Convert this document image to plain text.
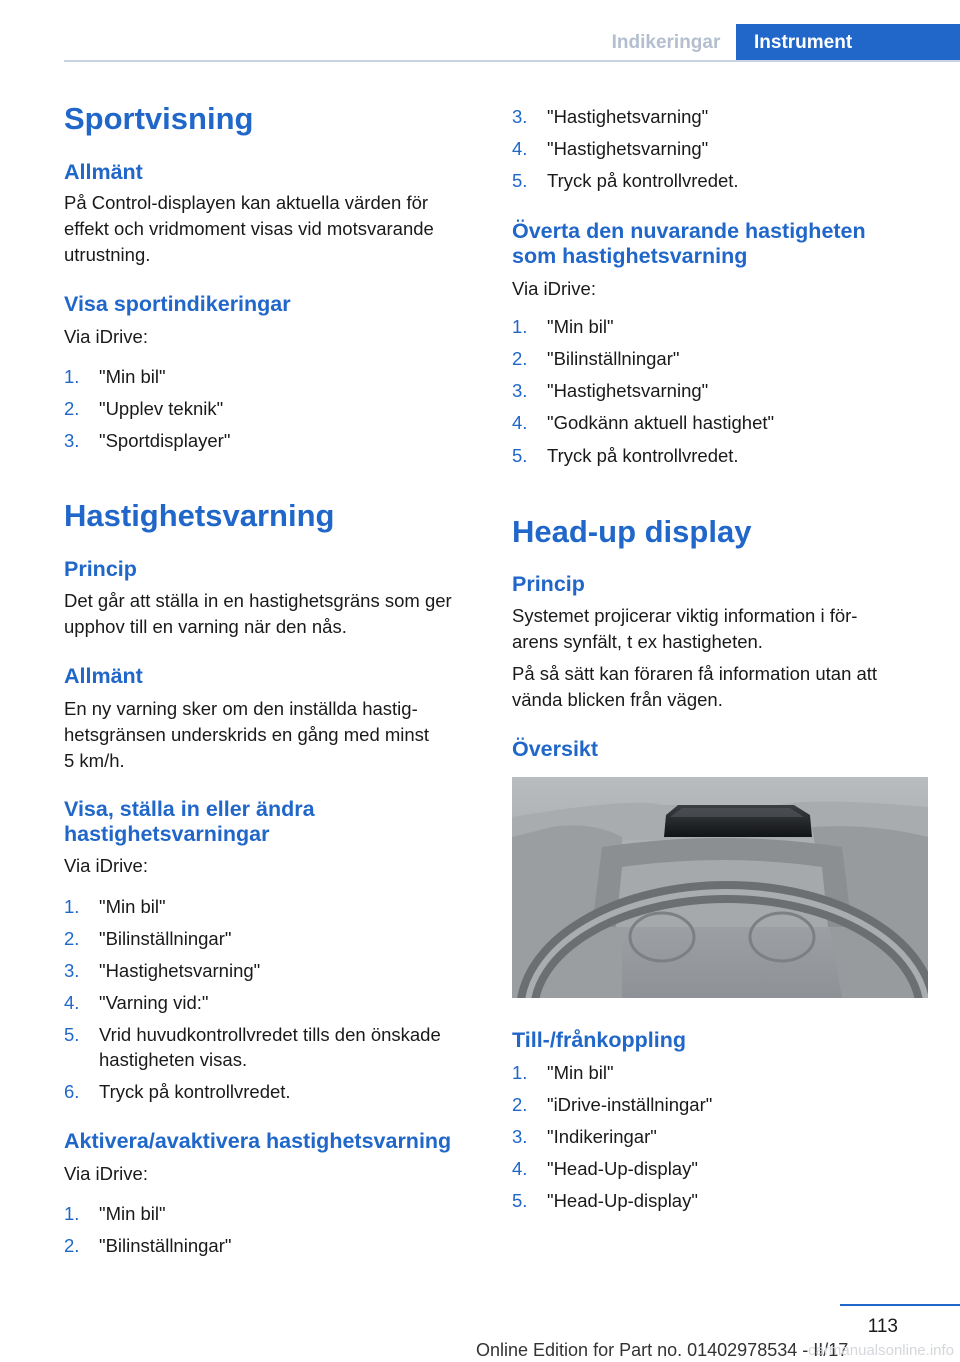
Indikeringar	Instrument
Sportvisning
Allmänt
På Control-displayen kan aktuella värden för
effekt och vridmoment visas vid motsvarande
utrustning.
Visa sportindikeringar
Via iDrive:
1. "Min bil"
2. "Upplev teknik"
3. "Sportdisplayer"
Hastighetsvarning
Princip
Det går att ställa in en hastighetsgräns som ger
upphov till en varning när den nås.
Allmänt
En ny varning sker om den inställda hastig‐
hetsgränsen underskrids en gång med minst
5 km/h.
Visa, ställa in eller ändra
hastighetsvarningar
Via iDrive:
1. "Min bil"
2. "Bilinställningar"
3. "Hastighetsvarning"
4. "Varning vid:"
5. Vrid huvudkontrollvredet tills den önskade
hastigheten visas.
6. Tryck på kontrollvredet.
Aktivera/avaktivera hastighetsvarning
Via iDrive:
1. "Min bil"
2. "Bilinställningar"
3. "Hastighetsvarning"
4. "Hastighetsvarning"
5. Tryck på kontrollvredet.
Överta den nuvarande hastigheten
som hastighetsvarning
Via iDrive:
1. "Min bil"
2. "Bilinställningar"
3. "Hastighetsvarning"
4. "Godkänn aktuell hastighet"
5. Tryck på kontrollvredet.
Head-up display
Princip
Systemet projicerar viktig information i för‐
arens synfält, t ex hastigheten.
På så sätt kan föraren få information utan att
vända blicken från vägen.
Översikt
Till-/frånkoppling
1. "Min bil"
2. "iDrive-inställningar"
3. "Indikeringar"
4. "Head-Up-display"
5. "Head-Up-display"
113
Online Edition for Part no. 01402978534 - II/17
carmanualsonline.info
